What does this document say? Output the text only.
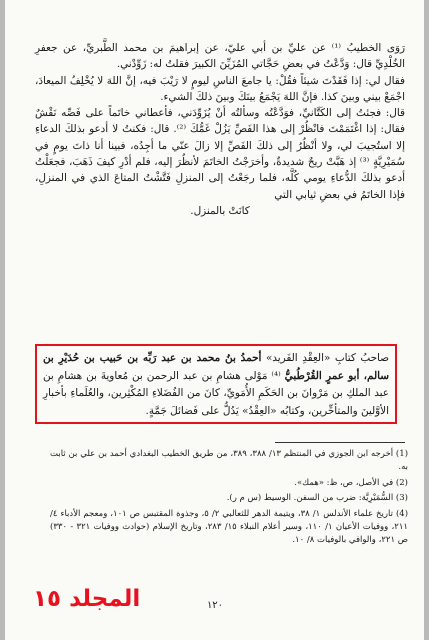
رَوَى الخطيبُ ⁽¹⁾ عن عليِّ بن أبي عليّ، عن إبراهيمَ بن محمد الطَّبريِّ، عن جعفرِ الخُلْدِيِّ قال: وَدَّعْتُ في بعضِ حَجَّاتي المُزَيِّنَ الكبيرَ فقلتُ له: زَوِّدْني.

فقال لي: إذا فَقَدْتَ شيئاً فقُلْ: يا جامعَ الناسِ ليومٍ لا رَيْبَ فيه، إنَّ اللهَ لا يُخْلِفُ الميعادَ، اجْمَعْ بيني وبينَ كذا. فإنَّ اللهَ يَجْمَعُ بينَكَ وبينَ ذلكَ الشيء.

قال: فجئتُ إلى الكَتَّانيِّ، فوَدَّعْتُه وسألتُه أنْ يُزَوِّدَني، فأعطاني خاتَماً على فَصِّه نَقْشٌ فقال: إذا اغْتَمَمْتَ فانْظُرْ إلى هذا الفَصِّ يَزُلْ غَمُّكَ ⁽²⁾. قال: فكنتُ لا أدعو بذلكَ الدعاءِ إلا استُجيبَ لي، ولا أنْظُرُ إلى ذلكَ الفَصِّ إلا زالَ عنّي ما أجِدُه، فبينا أنا ذاتَ يومٍ في سُمَيْرِيَّةٍ ⁽³⁾ إذ هَبَّتْ ريحٌ شديدةٌ، وأخرَجْتُ الخاتَمَ لأنظُرَ إليه، فلم أدْرِ كيفَ ذَهَبَ، فجعَلْتُ أدعو بذلكَ الدُّعاءِ يومي كُلَّه، فلما رجَعْتُ إلى المنزلِ فَتَّشْتُ المتاعَ الذي في المنزلِ، فإذا الخاتَمُ في بعضِ ثيابي التي

كانَتْ بالمنزل.

صاحبُ كتابِ «العِقْدِ الفَريد» أحمدُ بنُ محمد بن عبد رَبِّه بن حَبيب بن حُدَيْرِ بن سالم، أبو عمرٍ القُرْطُبيُّ ⁽⁴⁾ مَوْلى هشامِ بن عبد الرحمن بن مُعاويةَ بن هشامِ بن عبد الملكِ بن مَرْوانَ بن الحَكَمِ الأُمَويِّ، كانَ من الفُضَلاءِ المُكْثِرين، والعُلَماءِ بأخبارِ الأوَّلينَ والمتأخِّرين، وكتابُه «العِقْدُ» يَدُلُّ على فَضائلَ جَمَّةٍ.

(1) أخرجه ابن الجوزي في المنتظم ١٣/ ٣٨٨، ٣٨٩، من طريق الخطيب البغدادي أحمد بن علي بن ثابت به.

(2) في الأصل، ص، ظ: «همك».

(3) السُّمَيْرِيَّة: ضرب من السفن. الوسيط (س م ر).

(4) تاريخ علماء الأندلس ١/ ٣٨، ويتيمة الدهر للثعالبي ٢/ ٥، وجذوة المقتبس ص ١٠١، ومعجم الأدباء ٤/ ٢١١، ووفيات الأعيان ١/ ١١٠، وسير أعلام النبلاء ١٥/ ٢٨٣، وتاريخ الإسلام (حوادث ووفيات ٣٢١ - ٣٣٠) ص ٢٢١، والوافي بالوفيات ٨/ ١٠.

١٢٠
المجلد ١٥
